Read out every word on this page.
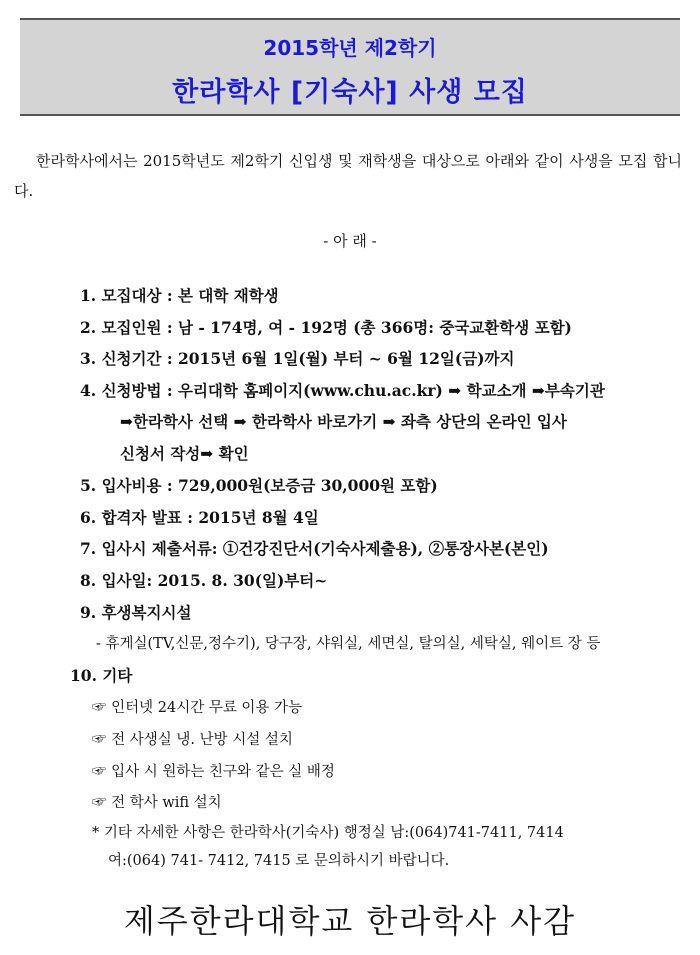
2015학년 제2학기
한라학사 [기숙사] 사생 모집
한라학사에서는 2015학년도 제2학기 신입생 및 재학생을 대상으로 아래와 같이 사생을 모집 합니다.
- 아 래 -
1. 모집대상 : 본 대학 재학생
2. 모집인원 : 남 - 174명, 여 - 192명 (총 366명: 중국교환학생 포함)
3. 신청기간 : 2015년 6월 1일(월) 부터 ~ 6월 12일(금)까지
4. 신청방법 : 우리대학 홈페이지(www.chu.ac.kr) ➡ 학교소개 ➡부속기관
➡한라학사 선택 ➡ 한라학사 바로가기 ➡ 좌측 상단의 온라인 입사
신청서 작성➡ 확인
5. 입사비용 : 729,000원(보증금 30,000원 포함)
6. 합격자 발표 : 2015년 8월 4일
7. 입사시 제출서류: ①건강진단서(기숙사제출용), ②통장사본(본인)
8. 입사일: 2015. 8. 30(일)부터~
9. 후생복지시설
- 휴게실(TV,신문,정수기), 당구장, 샤워실, 세면실, 탈의실, 세탁실, 웨이트 장 등
10. 기타
☞ 인터넷 24시간 무료 이용 가능
☞ 전 사생실 냉. 난방 시설 설치
☞ 입사 시 원하는 친구와 같은 실 배정
☞ 전 학사 wifi 설치
* 기타 자세한 사항은 한라학사(기숙사) 행정실 남:(064)741-7411, 7414
여:(064) 741- 7412, 7415 로 문의하시기 바랍니다.
제주한라대학교 한라학사 사감
